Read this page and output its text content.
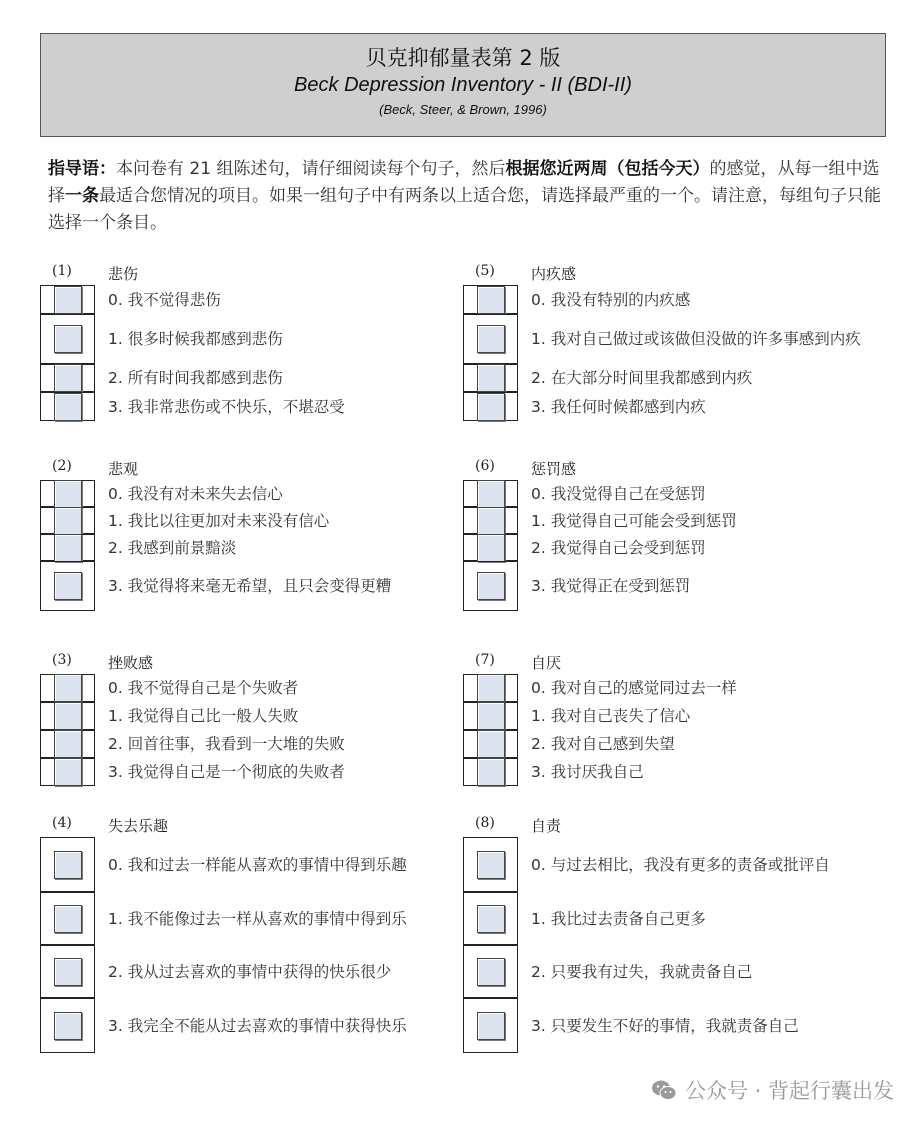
贝克抑郁量表第 2 版
Beck Depression Inventory - II (BDI-II)
(Beck, Steer, & Brown, 1996)
指导语：本问卷有 21 组陈述句，请仔细阅读每个句子，然后根据您近两周（包括今天）的感觉，从每一组中选择一条最适合您情况的项目。如果一组句子中有两条以上适合您，请选择最严重的一个。请注意，每组句子只能选择一个条目。
(1) 悲伤
0. 我不觉得悲伤
1. 很多时候我都感到悲伤
2. 所有时间我都感到悲伤
3. 我非常悲伤或不快乐，不堪忍受
(2) 悲观
0. 我没有对未来失去信心
1. 我比以往更加对未来没有信心
2. 我感到前景黯淡
3. 我觉得将来毫无希望，且只会变得更糟
(3) 挫败感
0. 我不觉得自己是个失败者
1. 我觉得自己比一般人失败
2. 回首往事，我看到一大堆的失败
3. 我觉得自己是一个彻底的失败者
(4) 失去乐趣
0. 我和过去一样能从喜欢的事情中得到乐趣
1. 我不能像过去一样从喜欢的事情中得到乐
2. 我从过去喜欢的事情中获得的快乐很少
3. 我完全不能从过去喜欢的事情中获得快乐
(5) 内疚感
0. 我没有特别的内疚感
1. 我对自己做过或该做但没做的许多事感到内疚
2. 在大部分时间里我都感到内疚
3. 我任何时候都感到内疚
(6) 惩罚感
0. 我没觉得自己在受惩罚
1. 我觉得自己可能会受到惩罚
2. 我觉得自己会受到惩罚
3. 我觉得正在受到惩罚
(7) 自厌
0. 我对自己的感觉同过去一样
1. 我对自己丧失了信心
2. 我对自己感到失望
3. 我讨厌我自己
(8) 自责
0. 与过去相比，我没有更多的责备或批评自
1. 我比过去责备自己更多
2. 只要我有过失，我就责备自己
3. 只要发生不好的事情，我就责备自己
公众号 · 背起行囊出发
